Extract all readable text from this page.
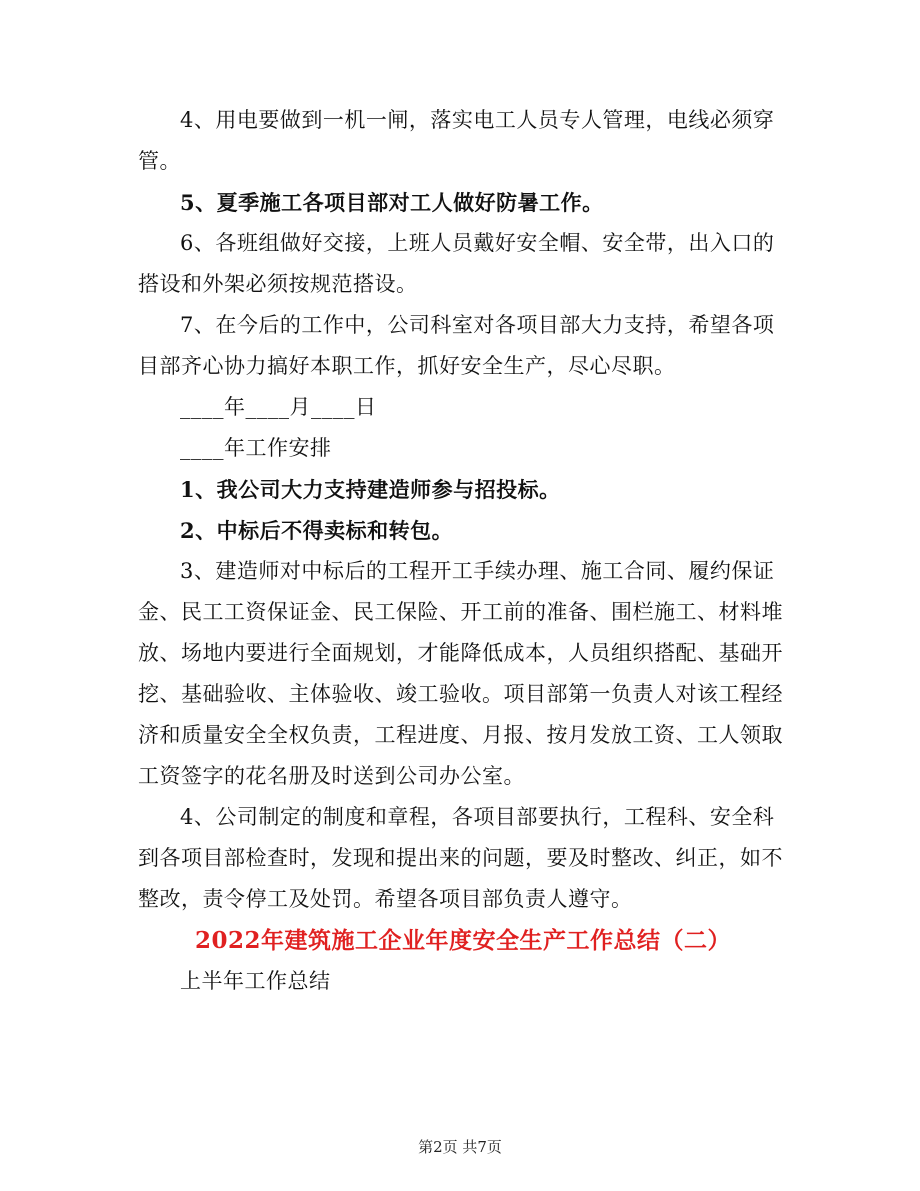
4、用电要做到一机一闸，落实电工人员专人管理，电线必须穿管。

5、夏季施工各项目部对工人做好防暑工作。

6、各班组做好交接，上班人员戴好安全帽、安全带，出入口的搭设和外架必须按规范搭设。

7、在今后的工作中，公司科室对各项目部大力支持，希望各项目部齐心协力搞好本职工作，抓好安全生产，尽心尽职。

____年____月____日

____年工作安排

1、我公司大力支持建造师参与招投标。

2、中标后不得卖标和转包。

3、建造师对中标后的工程开工手续办理、施工合同、履约保证金、民工工资保证金、民工保险、开工前的准备、围栏施工、材料堆放、场地内要进行全面规划，才能降低成本，人员组织搭配、基础开挖、基础验收、主体验收、竣工验收。项目部第一负责人对该工程经济和质量安全全权负责，工程进度、月报、按月发放工资、工人领取工资签字的花名册及时送到公司办公室。

4、公司制定的制度和章程，各项目部要执行，工程科、安全科到各项目部检查时，发现和提出来的问题，要及时整改、纠正，如不整改，责令停工及处罚。希望各项目部负责人遵守。

2022年建筑施工企业年度安全生产工作总结（二）

上半年工作总结

第2页 共7页
